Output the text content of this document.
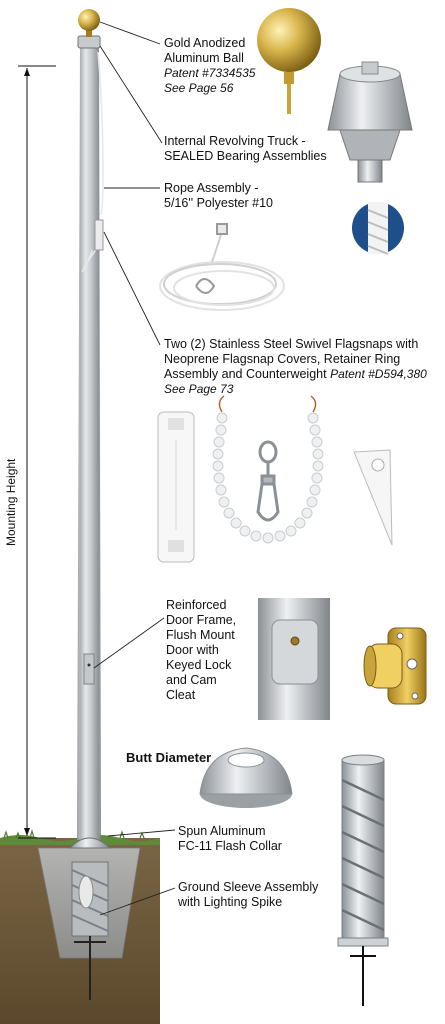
Gold Anodized
Aluminum Ball
Patent #7334535
See Page 56
Internal Revolving Truck -
SEALED Bearing Assemblies
Rope Assembly -
5/16'' Polyester #10
Two (2) Stainless Steel Swivel Flagsnaps with
Neoprene Flagsnap Covers, Retainer Ring
Assembly and Counterweight Patent #D594,380
See Page 73
Reinforced
Door Frame,
Flush Mount
Door with
Keyed Lock
and Cam
Cleat
Butt Diameter
Spun Aluminum
FC-11 Flash Collar
Ground Sleeve Assembly
with Lighting Spike
Mounting Height
